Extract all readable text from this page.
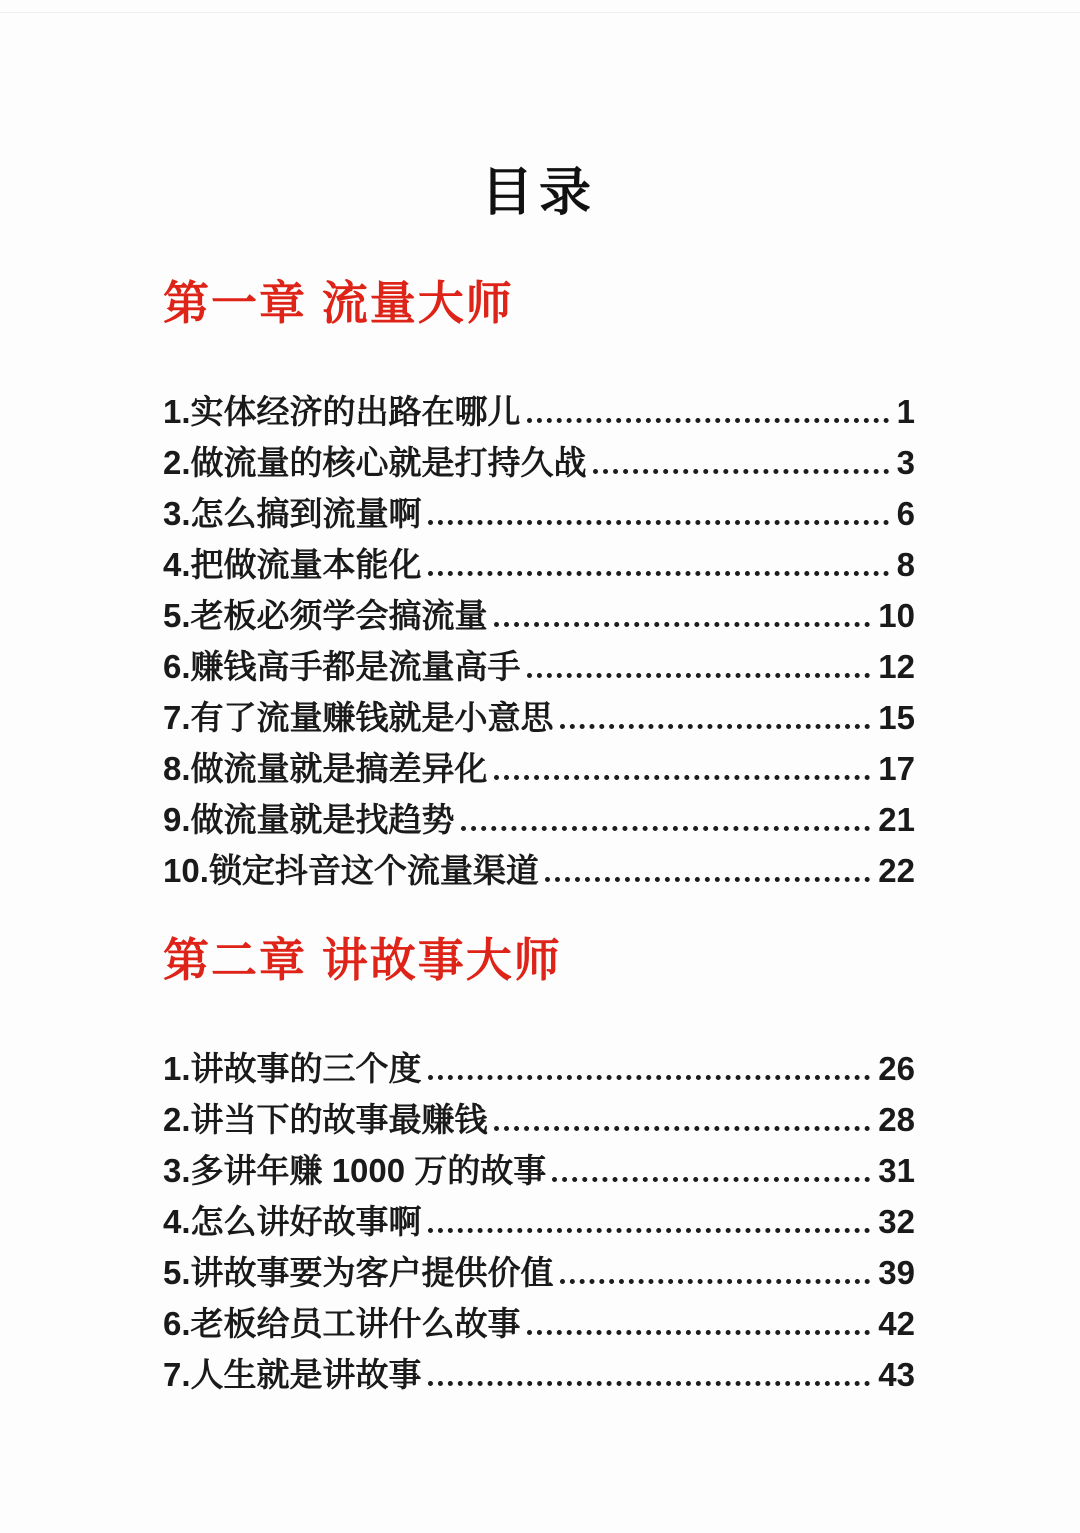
目录
第一章 流量大师
1.实体经济的出路在哪儿	1
2.做流量的核心就是打持久战	3
3.怎么搞到流量啊	6
4.把做流量本能化	8
5.老板必须学会搞流量	10
6.赚钱高手都是流量高手	12
7.有了流量赚钱就是小意思	15
8.做流量就是搞差异化	17
9.做流量就是找趋势	21
10.锁定抖音这个流量渠道	22
第二章 讲故事大师
1.讲故事的三个度	26
2.讲当下的故事最赚钱	28
3.多讲年赚 1000 万的故事	31
4.怎么讲好故事啊	32
5.讲故事要为客户提供价值	39
6.老板给员工讲什么故事	42
7.人生就是讲故事	43
